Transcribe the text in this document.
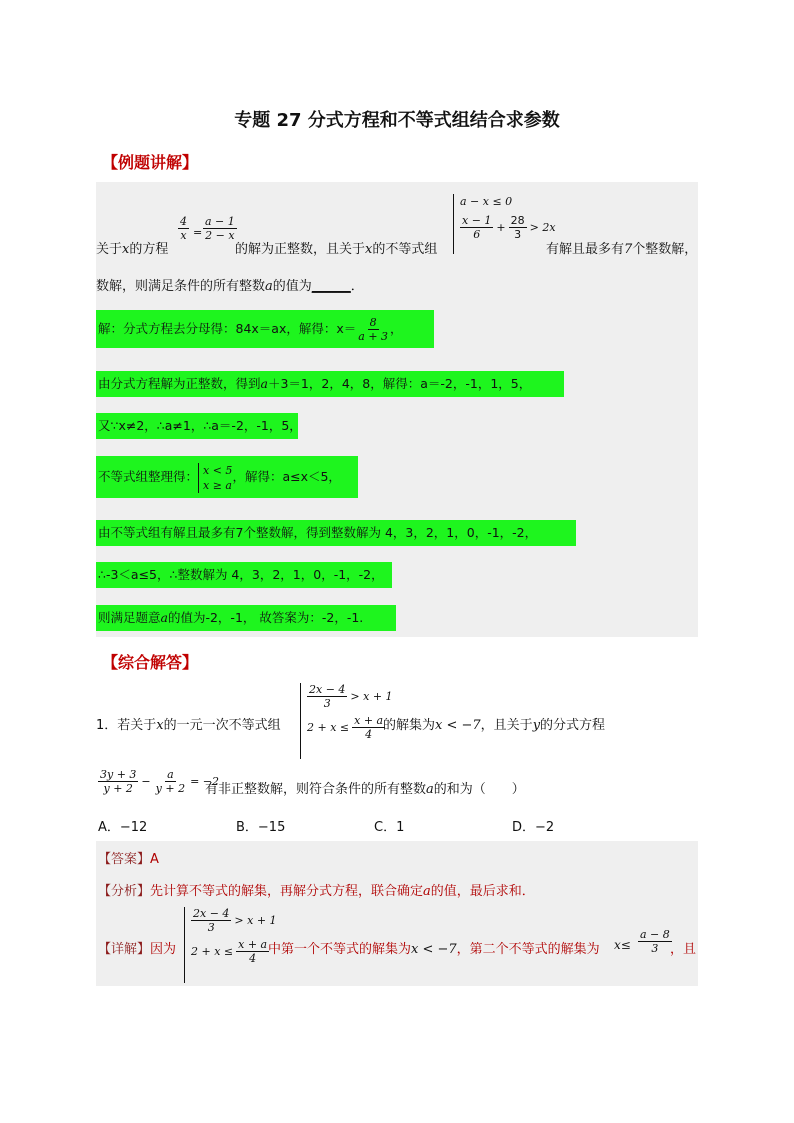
专题 27 分式方程和不等式组结合求参数
【例题讲解】
关于x的方程
$\frac{4}{x} = \frac{a - 1}{2 - x}$
的解为正整数，且关于x的不等式组
a − x ≤ 0
$\frac{x - 1}{6} + \frac{28}{3} > 2x$
有解且最多有7个整数解，
数解，则满足条件的所有整数a的值为______．
解：分式方程去分母得：84x＝ax，解得：$x= \frac{8}{a + 3}$ ，
由分式方程解为正整数，得到a＋3＝1，2，4，8，解得：a＝-2，-1，1，5，
又∵x≠2，∴a≠1，∴a＝-2，-1，5，
不等式组整理得： x < 5
x ≥ a
，解得：a≤x＜5，
由不等式组有解且最多有7个整数解，得到整数解为 4，3，2，1，0，-1，-2，
∴-3＜a≤5，∴整数解为 4，3，2，1，0，-1，-2，
则满足题意a的值为-2，-1， 故答案为：-2，-1.
【综合解答】
1．若关于x的一元一次不等式组
$\frac{2x - 4}{3} > x + 1$
$2 + x \le \frac{x + a}{4}$
的解集为x < −7，且关于y的分式方程
$\frac{3y + 3}{y + 2} - \frac{a}{y + 2} = -2$
有非正整数解，则符合条件的所有整数a的和为（　　）
A．−12	B．−15	C．1	D．−2
【答案】A
【分析】先计算不等式的解集，再解分式方程，联合确定a的值，最后求和．
【详解】因为
$\frac{2x - 4}{3} > x + 1$
$2 + x \le \frac{x + a}{4}$
中第一个不等式的解集为x < −7，第二个不等式的解集为 $x\le \frac{a - 8}{3}$
，且
